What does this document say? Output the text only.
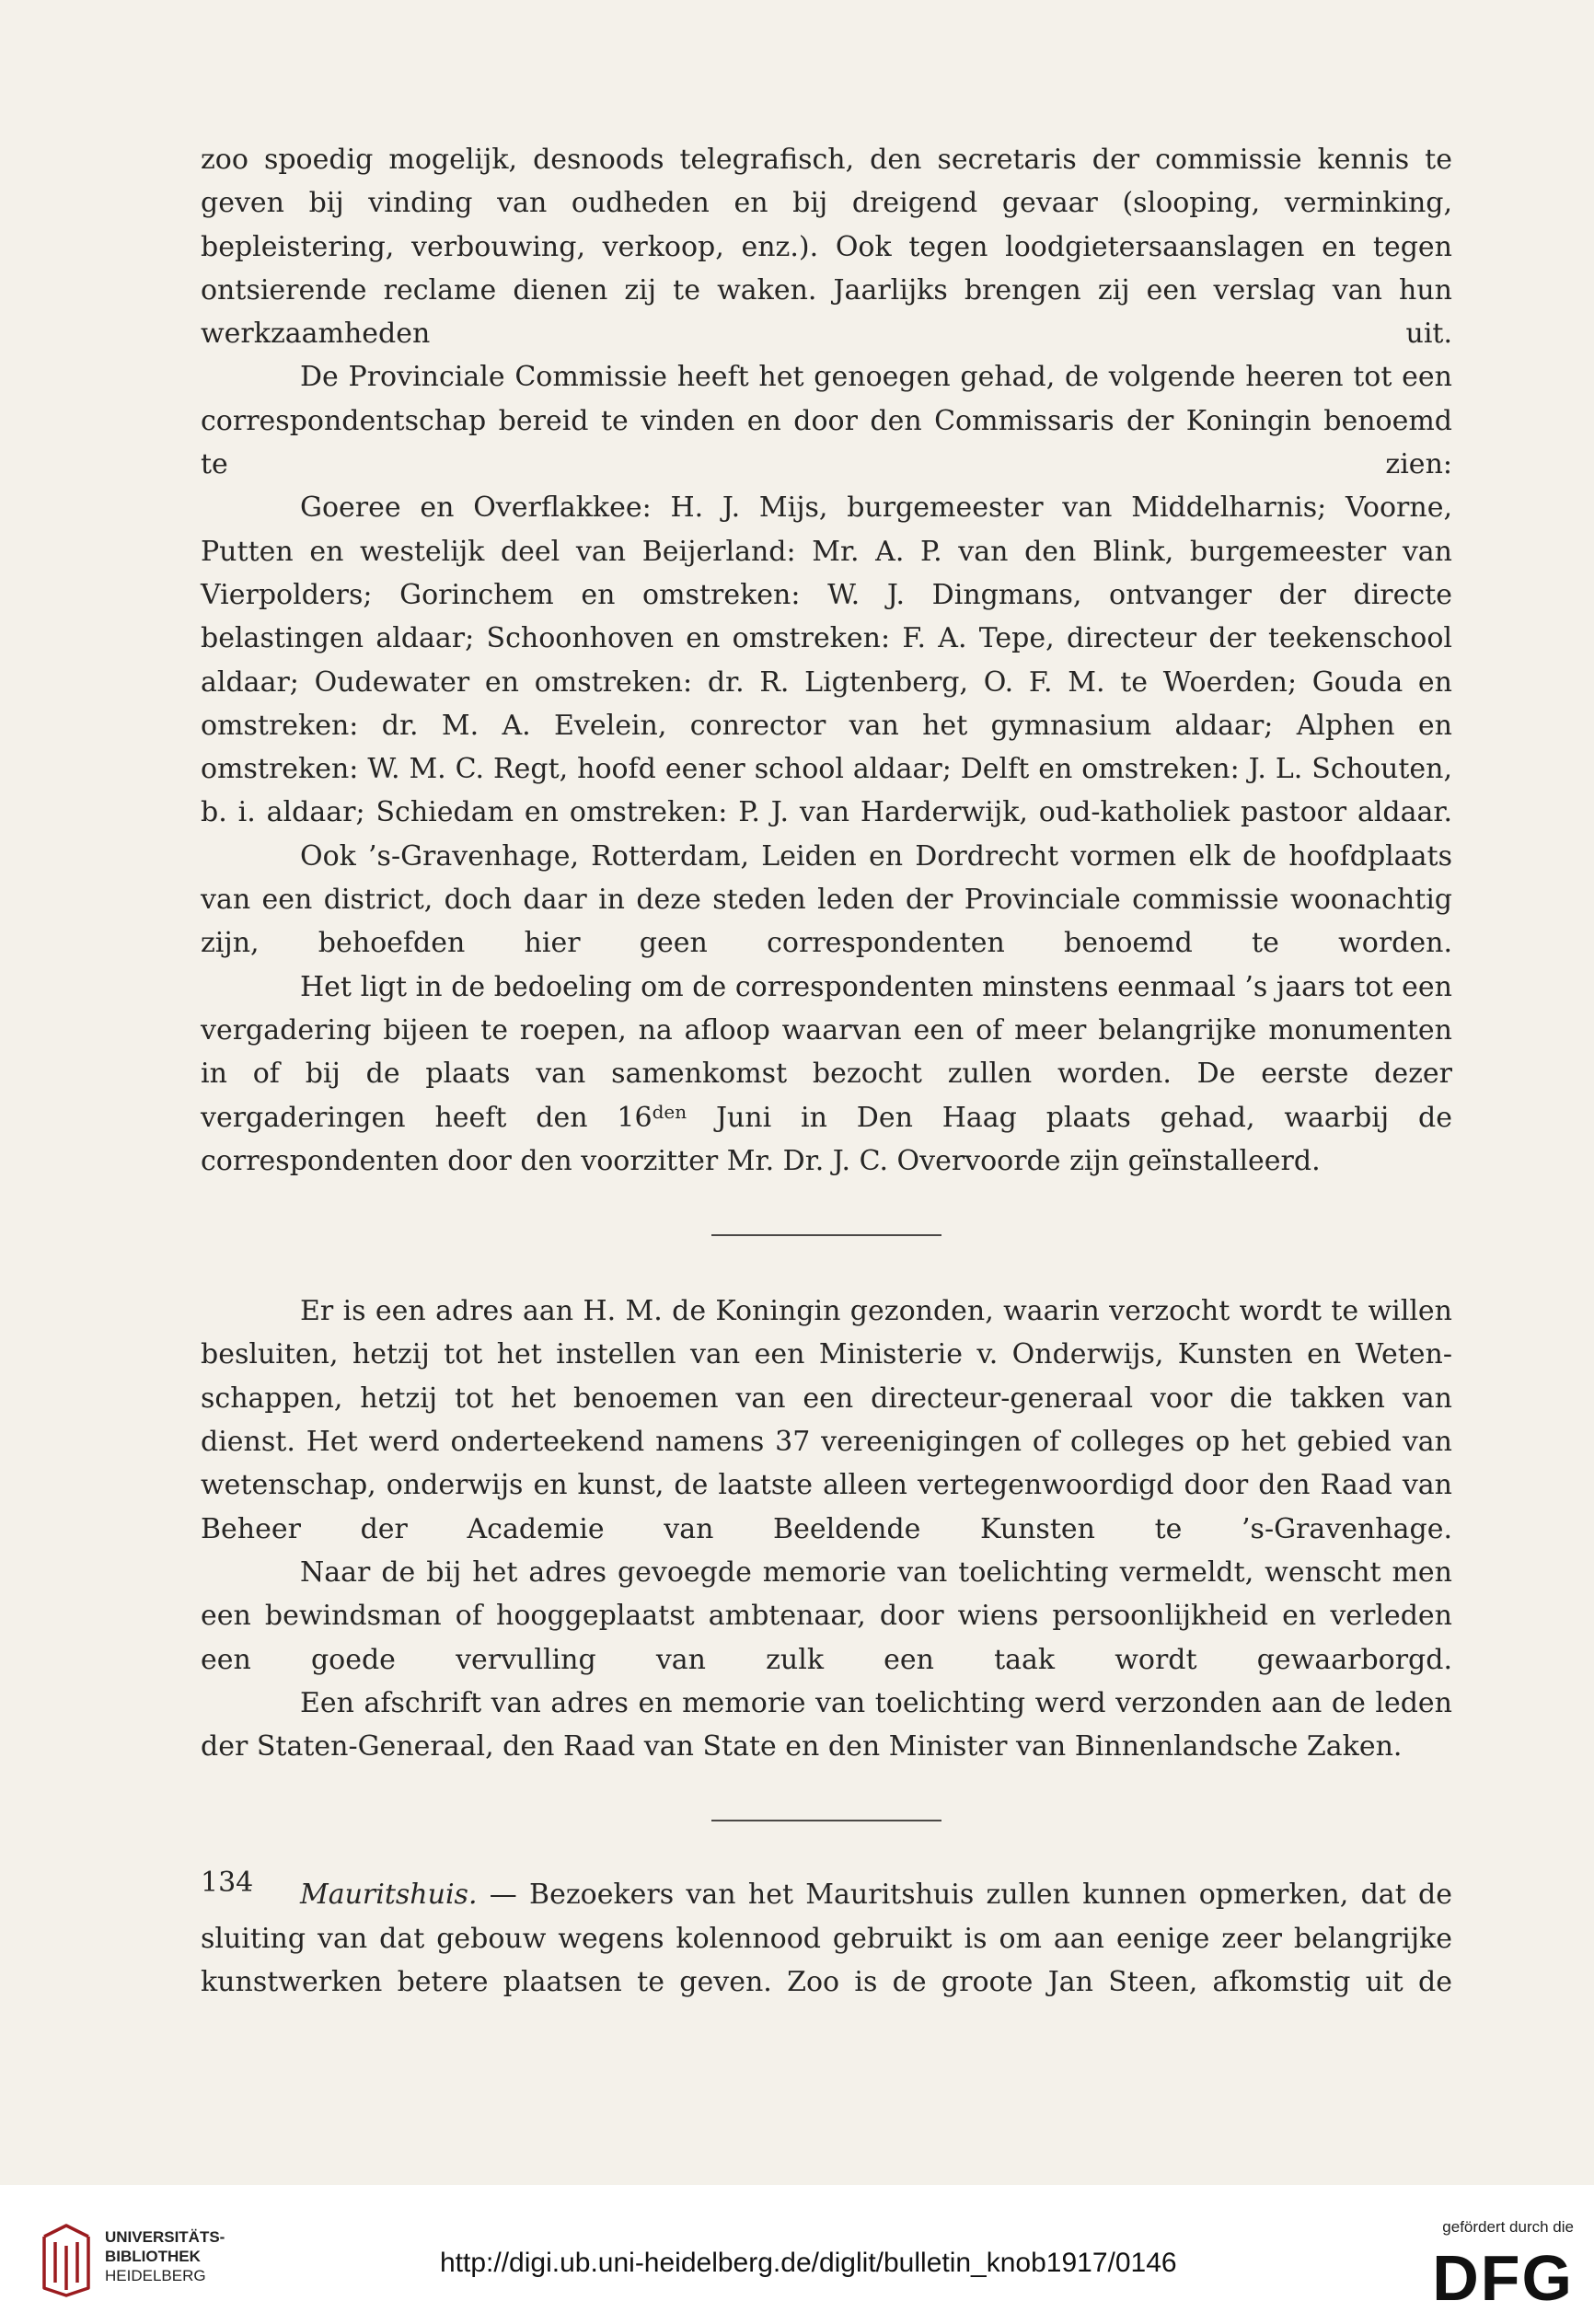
zoo spoedig mogelijk, desnoods telegrafisch, den secretaris der commissie kennis te geven bij vinding van oudheden en bij dreigend gevaar (slooping, verminking, bepleistering, verbouwing, verkoop, enz.). Ook tegen loodgietersaanslagen en tegen ontsierende reclame dienen zij te waken. Jaarlijks brengen zij een verslag van hun werkzaamheden uit.

De Provinciale Commissie heeft het genoegen gehad, de volgende heeren tot een correspondentschap bereid te vinden en door den Commissaris der Koningin benoemd te zien:

Goeree en Overflakkee: H. J. Mijs, burgemeester van Middelharnis; Voorne, Putten en westelijk deel van Beijerland: Mr. A. P. van den Blink, burgemeester van Vierpolders; Gorinchem en omstreken: W. J. Dingmans, ontvanger der directe belastingen aldaar; Schoonhoven en omstreken: F. A. Tepe, directeur der teekenschool aldaar; Oudewater en omstreken: dr. R. Ligtenberg, O. F. M. te Woerden; Gouda en omstreken: dr. M. A. Evelein, conrector van het gymnasium aldaar; Alphen en omstreken: W. M. C. Regt, hoofd eener school aldaar; Delft en omstreken: J. L. Schouten, b. i. aldaar; Schiedam en omstreken: P. J. van Harderwijk, oud-katholiek pastoor aldaar.

Ook ’s-Gravenhage, Rotterdam, Leiden en Dordrecht vormen elk de hoofdplaats van een district, doch daar in deze steden leden der Provinciale commissie woonachtig zijn, behoefden hier geen correspondenten benoemd te worden.

Het ligt in de bedoeling om de correspondenten minstens eenmaal ’s jaars tot een vergadering bijeen te roepen, na afloop waarvan een of meer belangrijke monumenten in of bij de plaats van samenkomst bezocht zullen worden. De eerste dezer vergaderingen heeft den $16^{den}$ Juni in Den Haag plaats gehad, waarbij de correspondenten door den voorzitter Mr. Dr. J. C. Overvoorde zijn geïnstalleerd.

Er is een adres aan H. M. de Koningin gezonden, waarin verzocht wordt te willen besluiten, hetzij tot het instellen van een Ministerie v. Onderwijs, Kunsten en Weten- schappen, hetzij tot het benoemen van een directeur-generaal voor die takken van dienst. Het werd onderteekend namens 37 vereenigingen of colleges op het gebied van wetenschap, onderwijs en kunst, de laatste alleen vertegenwoordigd door den Raad van Beheer der Academie van Beeldende Kunsten te ’s-Gravenhage.

Naar de bij het adres gevoegde memorie van toelichting vermeldt, wenscht men een bewindsman of hooggeplaatst ambtenaar, door wiens persoonlijkheid en verleden een goede vervulling van zulk een taak wordt gewaarborgd.

Een afschrift van adres en memorie van toelichting werd verzonden aan de leden der Staten-Generaal, den Raad van State en den Minister van Binnenlandsche Zaken.

Mauritshuis. — Bezoekers van het Mauritshuis zullen kunnen opmerken, dat de sluiting van dat gebouw wegens kolennood gebruikt is om aan eenige zeer belangrijke kunstwerken betere plaatsen te geven. Zoo is de groote Jan Steen, afkomstig uit de

134
UNIVERSITÄTS-
BIBLIOTHEK
HEIDELBERG	http://digi.ub.uni-heidelberg.de/diglit/bulletin_knob1917/0146
gefördert durch die
DFG
